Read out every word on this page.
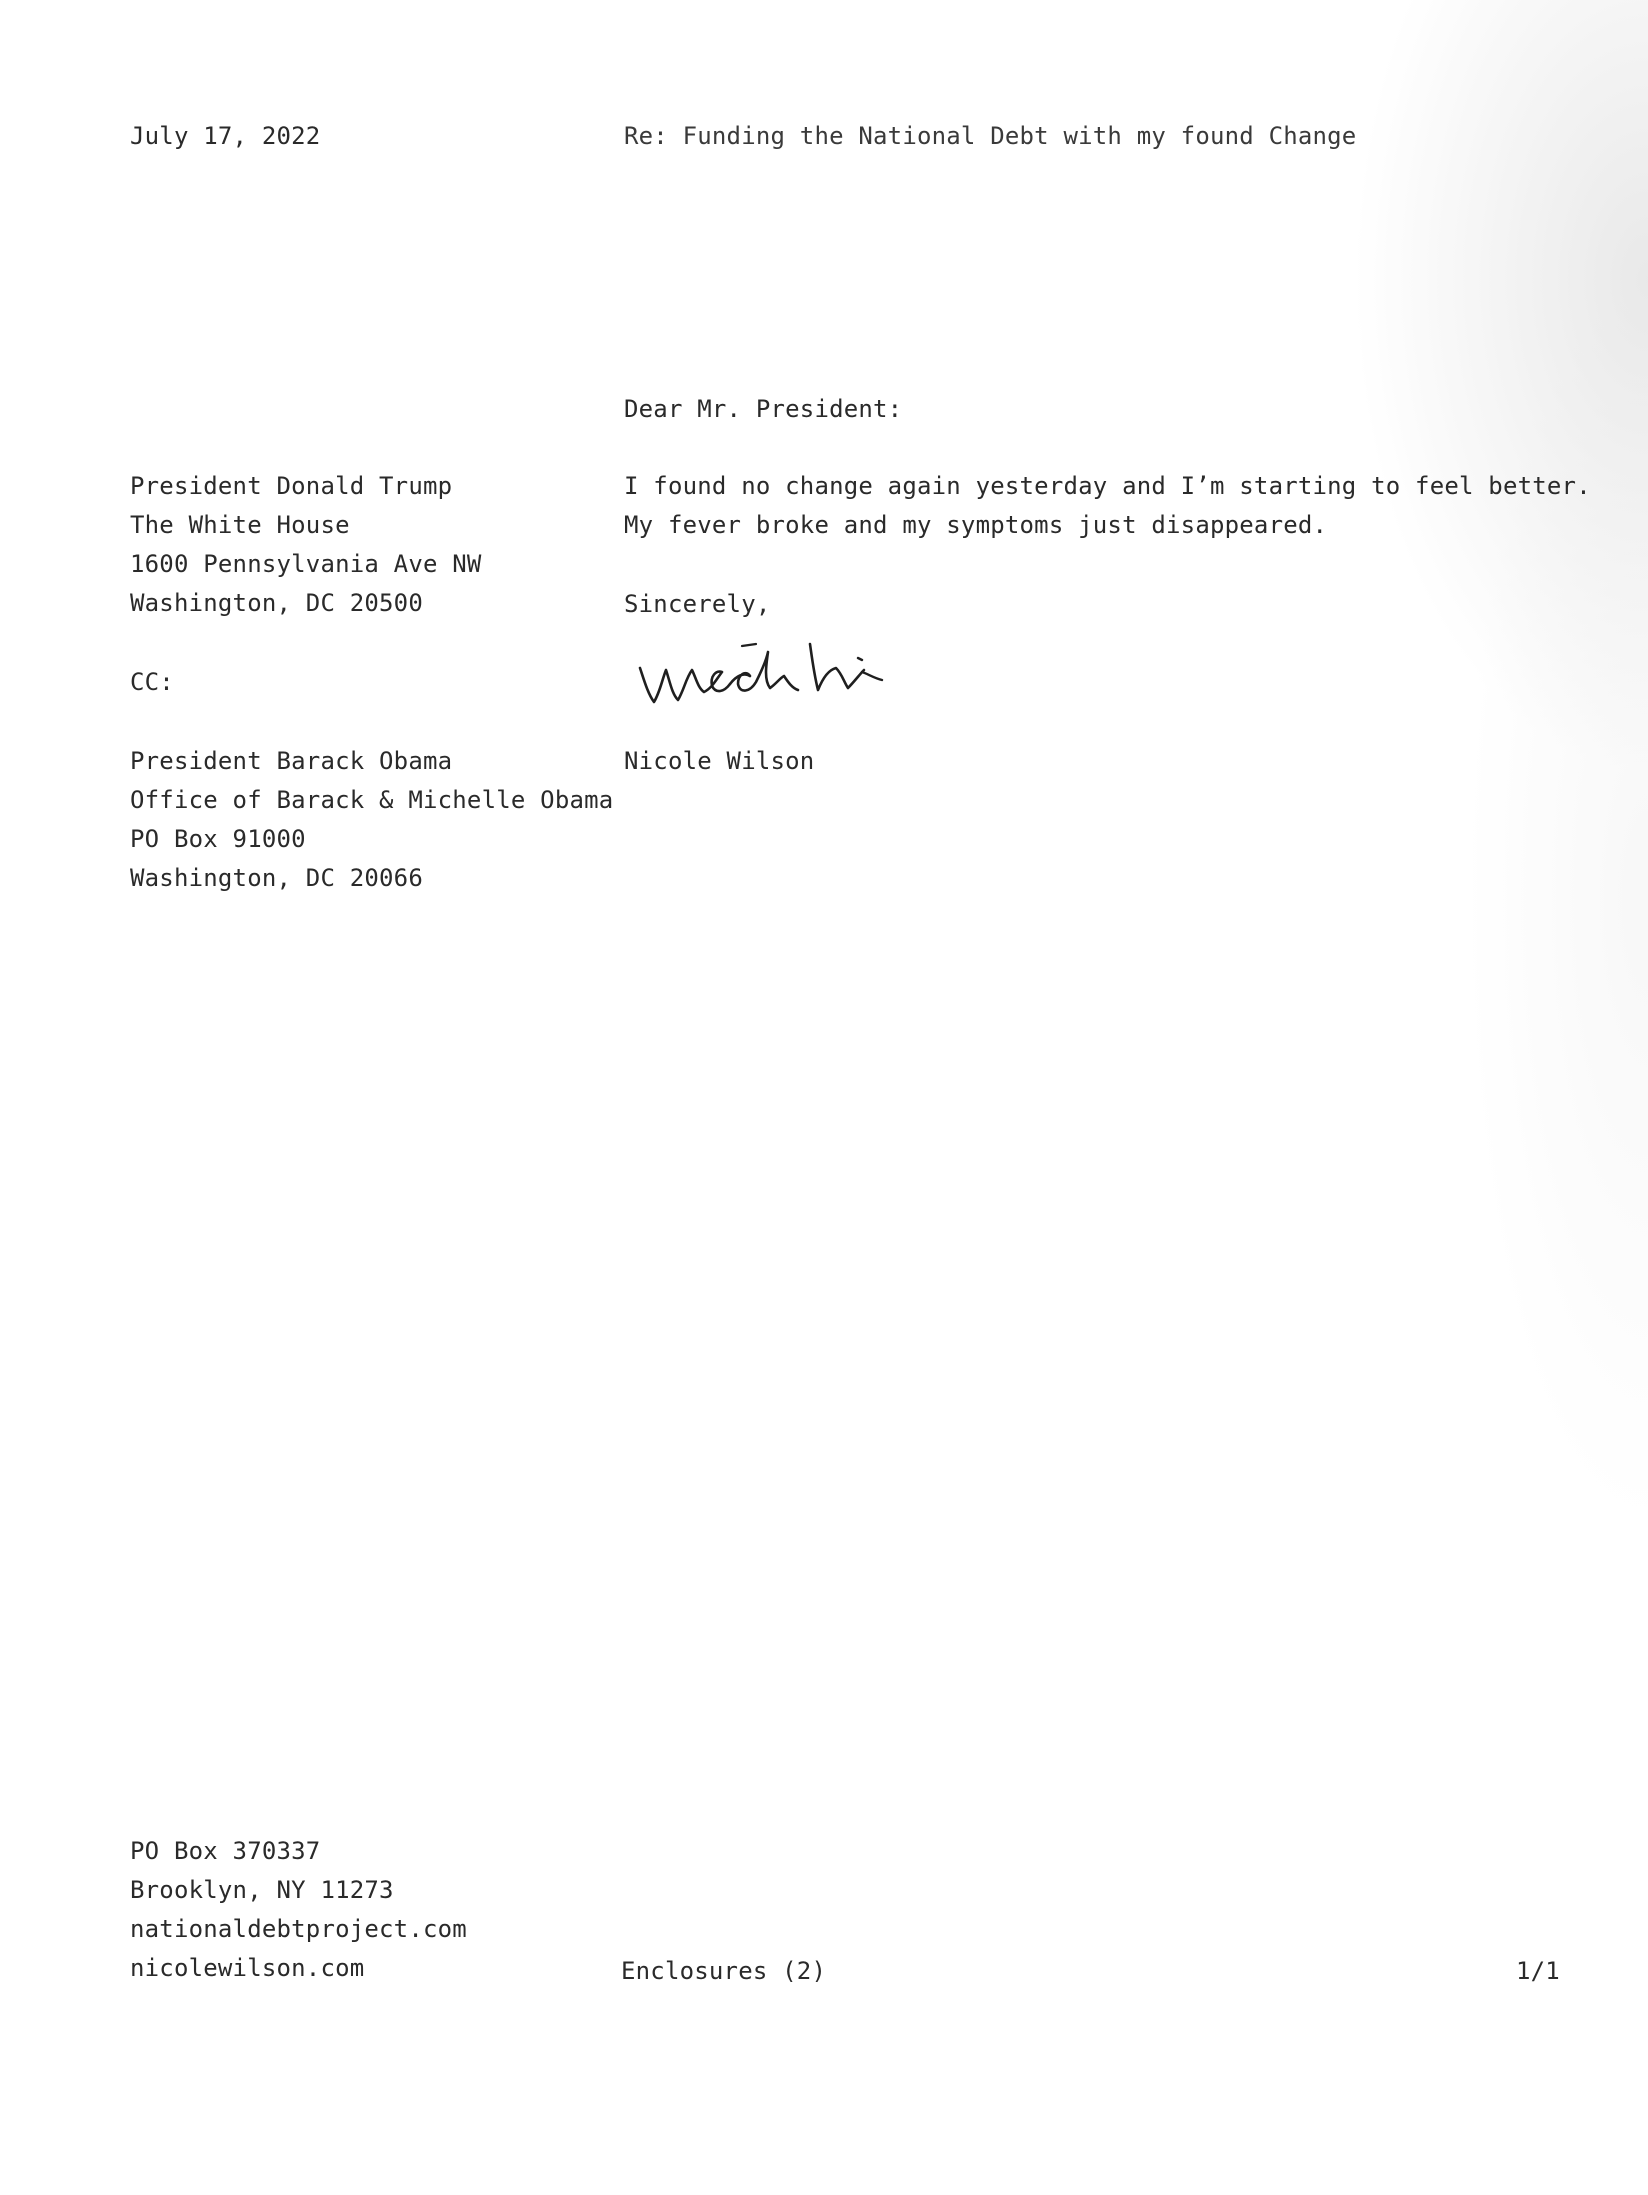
July 17, 2022	Re: Funding the National Debt with my found Change

Dear Mr. President:

President Donald Trump
The White House
1600 Pennsylvania Ave NW
Washington, DC 20500
I found no change again yesterday and I’m starting to feel better.
My fever broke and my symptoms just disappeared.

Sincerely,

CC:

President Barack Obama
Office of Barack & Michelle Obama
PO Box 91000
Washington, DC 20066

Nicole Wilson

PO Box 370337
Brooklyn, NY 11273
nationaldebtproject.com
nicolewilson.com	Enclosures (2)	1/1
